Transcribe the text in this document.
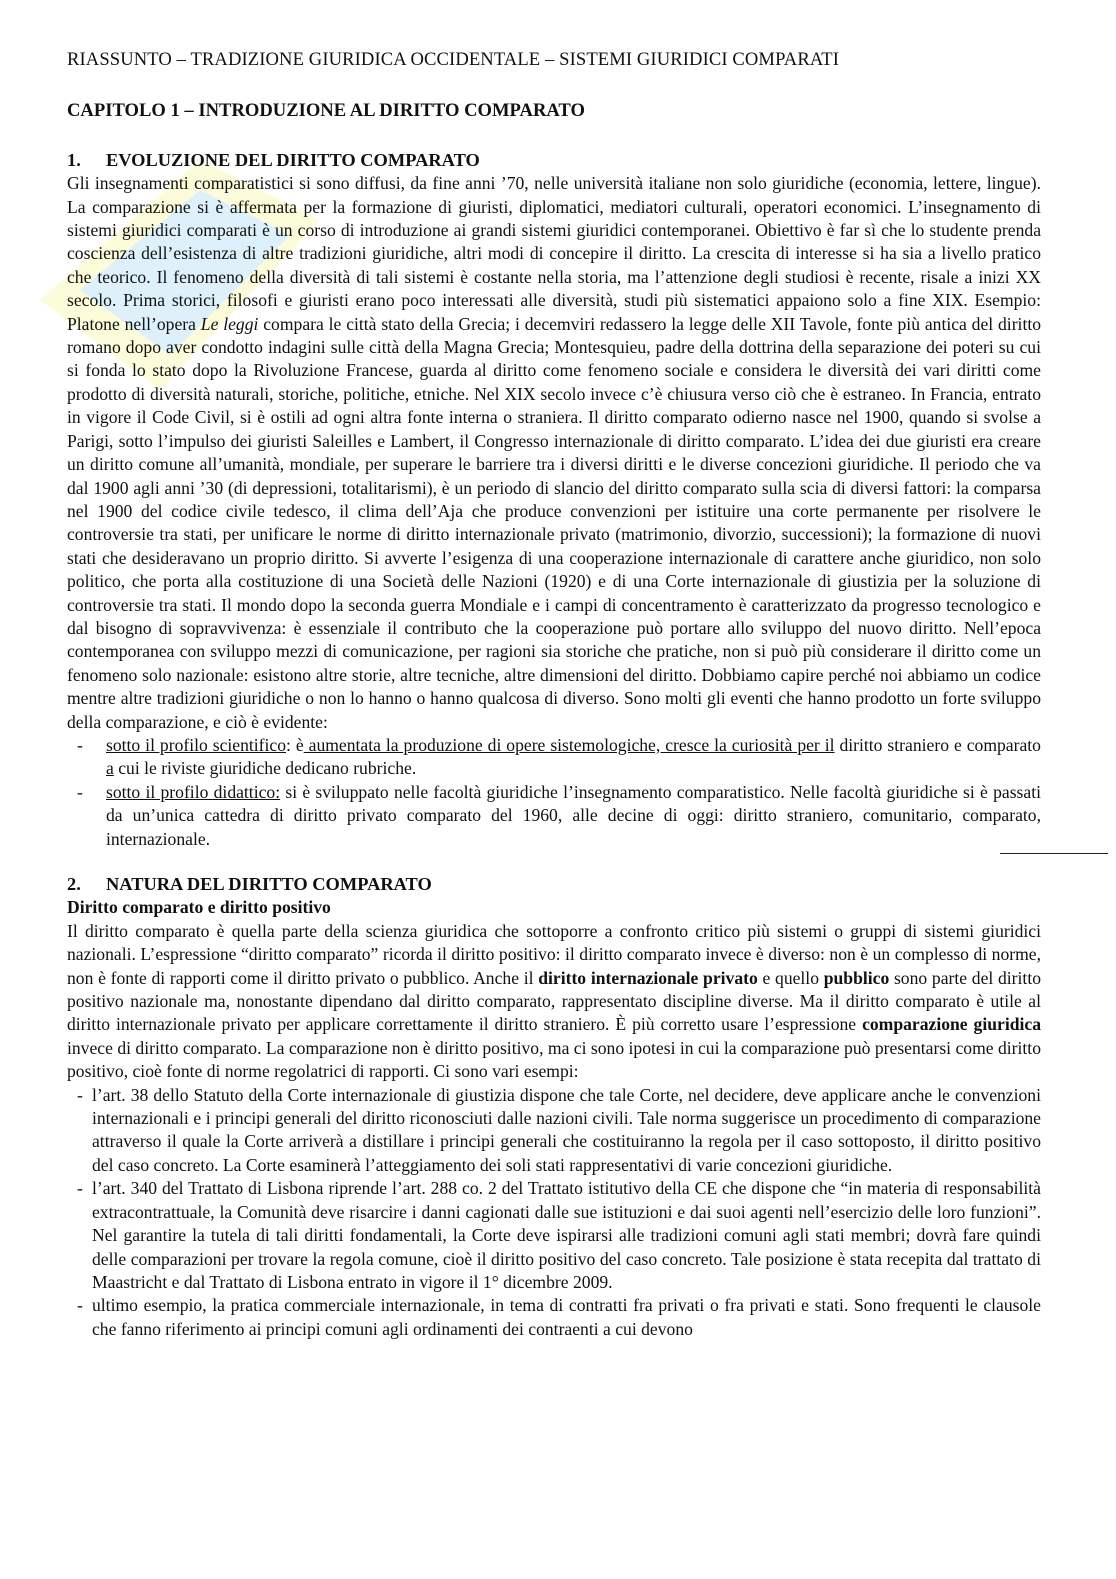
RIASSUNTO – TRADIZIONE GIURIDICA OCCIDENTALE – SISTEMI GIURIDICI COMPARATI
CAPITOLO 1 – INTRODUZIONE AL DIRITTO COMPARATO
1.	EVOLUZIONE DEL DIRITTO COMPARATO

Gli insegnamenti comparatistici si sono diffusi, da fine anni ’70, nelle università italiane non solo giuridiche (economia, lettere, lingue). La comparazione si è affermata per la formazione di giuristi, diplomatici, mediatori culturali, operatori economici. L’insegnamento di sistemi giuridici comparati è un corso di introduzione ai grandi sistemi giuridici contemporanei. Obiettivo è far sì che lo studente prenda coscienza dell’esistenza di altre tradizioni giuridiche, altri modi di concepire il diritto. La crescita di interesse si ha sia a livello pratico che teorico. Il fenomeno della diversità di tali sistemi è costante nella storia, ma l’attenzione degli studiosi è recente, risale a inizi XX secolo. Prima storici, filosofi e giuristi erano poco interessati alle diversità, studi più sistematici appaiono solo a fine XIX. Esempio: Platone nell’opera Le leggi compara le città stato della Grecia; i decemviri redassero la legge delle XII Tavole, fonte più antica del diritto romano dopo aver condotto indagini sulle città della Magna Grecia; Montesquieu, padre della dottrina della separazione dei poteri su cui si fonda lo stato dopo la Rivoluzione Francese, guarda al diritto come fenomeno sociale e considera le diversità dei vari diritti come prodotto di diversità naturali, storiche, politiche, etniche. Nel XIX secolo invece c’è chiusura verso ciò che è estraneo. In Francia, entrato in vigore il Code Civil, si è ostili ad ogni altra fonte interna o straniera. Il diritto comparato odierno nasce nel 1900, quando si svolse a Parigi, sotto l’impulso dei giuristi Saleilles e Lambert, il Congresso internazionale di diritto comparato. L’idea dei due giuristi era creare un diritto comune all’umanità, mondiale, per superare le barriere tra i diversi diritti e le diverse concezioni giuridiche. Il periodo che va dal 1900 agli anni ’30 (di depressioni, totalitarismi), è un periodo di slancio del diritto comparato sulla scia di diversi fattori: la comparsa nel 1900 del codice civile tedesco, il clima dell’Aja che produce convenzioni per istituire una corte permanente per risolvere le controversie tra stati, per unificare le norme di diritto internazionale privato (matrimonio, divorzio, successioni); la formazione di nuovi stati che desideravano un proprio diritto. Si avverte l’esigenza di una cooperazione internazionale di carattere anche giuridico, non solo politico, che porta alla costituzione di una Società delle Nazioni (1920) e di una Corte internazionale di giustizia per la soluzione di controversie tra stati. Il mondo dopo la seconda guerra Mondiale e i campi di concentramento è caratterizzato da progresso tecnologico e dal bisogno di sopravvivenza: è essenziale il contributo che la cooperazione può portare allo sviluppo del nuovo diritto. Nell’epoca contemporanea con sviluppo mezzi di comunicazione, per ragioni sia storiche che pratiche, non si può più considerare il diritto come un fenomeno solo nazionale: esistono altre storie, altre tecniche, altre dimensioni del diritto. Dobbiamo capire perché noi abbiamo un codice mentre altre tradizioni giuridiche o non lo hanno o hanno qualcosa di diverso. Sono molti gli eventi che hanno prodotto un forte sviluppo della comparazione, e ciò è evidente:

- sotto il profilo scientifico: è aumentata la produzione di opere sistemologiche, cresce la curiosità per il diritto straniero e comparato a cui le riviste giuridiche dedicano rubriche.
- sotto il profilo didattico: si è sviluppato nelle facoltà giuridiche l’insegnamento comparatistico. Nelle facoltà giuridiche si è passati da un’unica cattedra di diritto privato comparato del 1960, alle decine di oggi: diritto straniero, comunitario, comparato, internazionale.
2.	NATURA DEL DIRITTO COMPARATO
Diritto comparato e diritto positivo

Il diritto comparato è quella parte della scienza giuridica che sottoporre a confronto critico più sistemi o gruppi di sistemi giuridici nazionali. L’espressione “diritto comparato” ricorda il diritto positivo: il diritto comparato invece è diverso: non è un complesso di norme, non è fonte di rapporti come il diritto privato o pubblico. Anche il diritto internazionale privato e quello pubblico sono parte del diritto positivo nazionale ma, nonostante dipendano dal diritto comparato, rappresentato discipline diverse. Ma il diritto comparato è utile al diritto internazionale privato per applicare correttamente il diritto straniero. È più corretto usare l’espressione comparazione giuridica invece di diritto comparato. La comparazione non è diritto positivo, ma ci sono ipotesi in cui la comparazione può presentarsi come diritto positivo, cioè fonte di norme regolatrici di rapporti. Ci sono vari esempi:

- l’art. 38 dello Statuto della Corte internazionale di giustizia dispone che tale Corte, nel decidere, deve applicare anche le convenzioni internazionali e i principi generali del diritto riconosciuti dalle nazioni civili. Tale norma suggerisce un procedimento di comparazione attraverso il quale la Corte arriverà a distillare i principi generali che costituiranno la regola per il caso sottoposto, il diritto positivo del caso concreto. La Corte esaminerà l’atteggiamento dei soli stati rappresentativi di varie concezioni giuridiche.
- l’art. 340 del Trattato di Lisbona riprende l’art. 288 co. 2 del Trattato istitutivo della CE che dispone che “in materia di responsabilità extracontrattuale, la Comunità deve risarcire i danni cagionati dalle sue istituzioni e dai suoi agenti nell’esercizio delle loro funzioni”. Nel garantire la tutela di tali diritti fondamentali, la Corte deve ispirarsi alle tradizioni comuni agli stati membri; dovrà fare quindi delle comparazioni per trovare la regola comune, cioè il diritto positivo del caso concreto. Tale posizione è stata recepita dal trattato di Maastricht e dal Trattato di Lisbona entrato in vigore il 1° dicembre 2009.
- ultimo esempio, la pratica commerciale internazionale, in tema di contratti fra privati o fra privati e stati. Sono frequenti le clausole che fanno riferimento ai principi comuni agli ordinamenti dei contraenti a cui devono
